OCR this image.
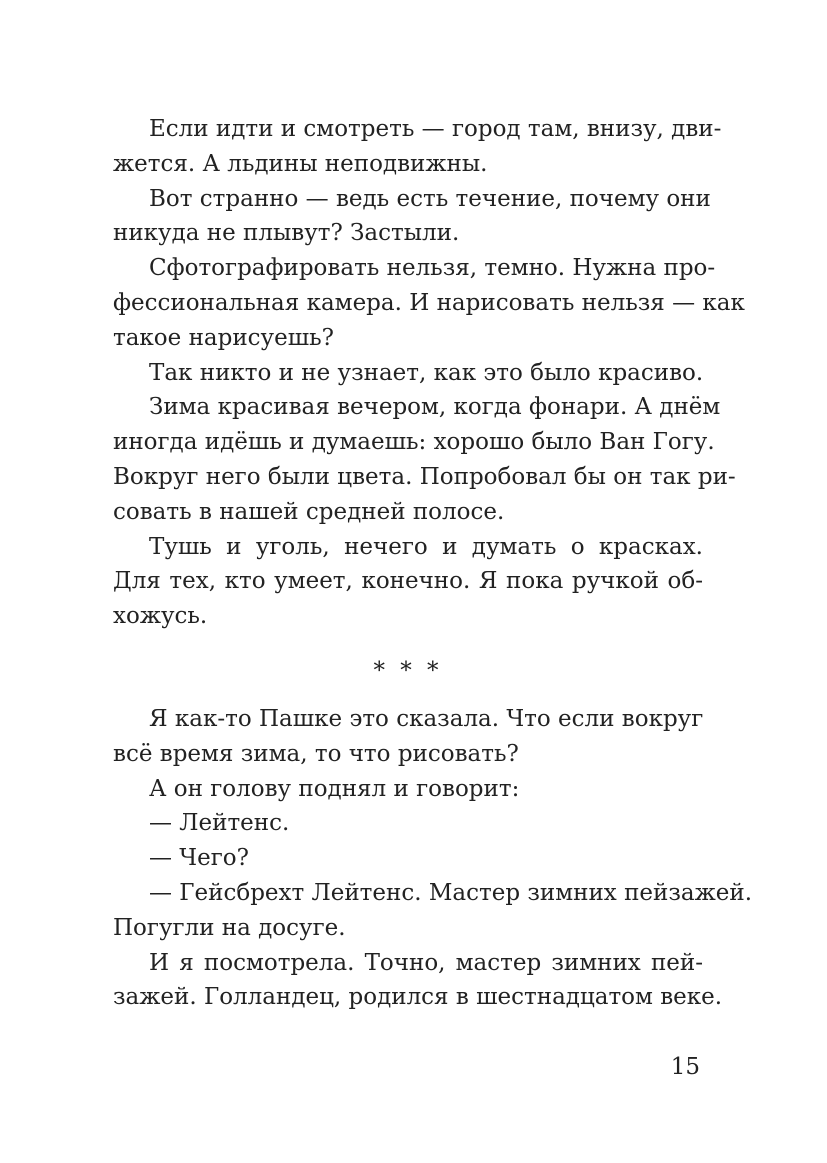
Если идти и смотреть — город там, внизу, дви-
жется. А льдины неподвижны.
Вот странно — ведь есть течение, почему они
никуда не плывут? Застыли.
Сфотографировать нельзя, темно. Нужна про-
фессиональная камера. И нарисовать нельзя — как
такое нарисуешь?
Так никто и не узнает, как это было красиво.
Зима красивая вечером, когда фонари. А днём
иногда идёшь и думаешь: хорошо было Ван Гогу.
Вокруг него были цвета. Попробовал бы он так ри-
совать в нашей средней полосе.
Тушь и уголь, нечего и думать о красках.
Для тех, кто умеет, конечно. Я пока ручкой об-
хожусь.
* * *
Я как-то Пашке это сказала. Что если вокруг
всё время зима, то что рисовать?
А он голову поднял и говорит:
— Лейтенс.
— Чего?
— Гейсбрехт Лейтенс. Мастер зимних пейзажей.
Погугли на досуге.
И я посмотрела. Точно, мастер зимних пей-
зажей. Голландец, родился в шестнадцатом веке.
15
